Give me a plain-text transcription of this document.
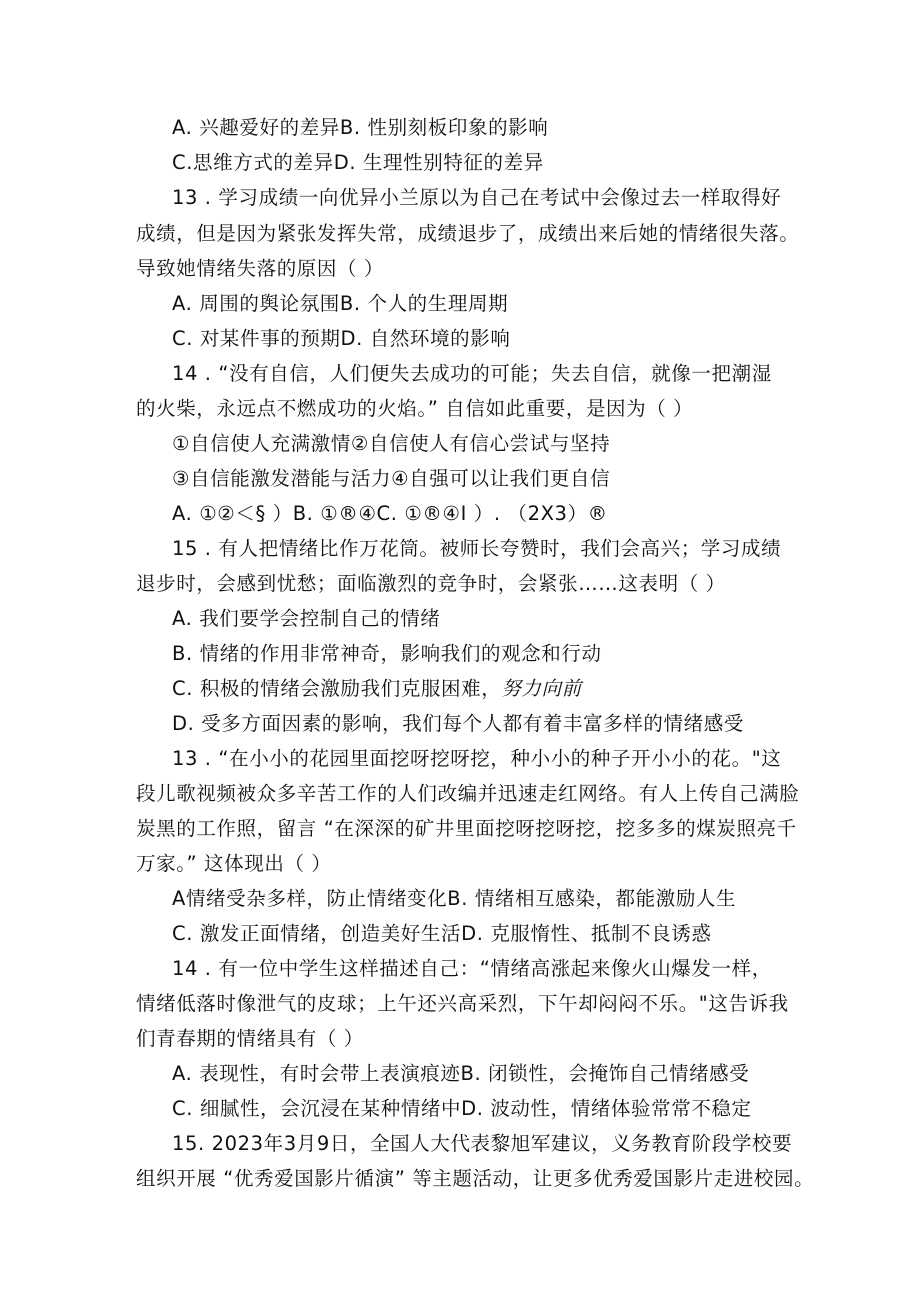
A. 兴趣爱好的差异B. 性别刻板印象的影响
C.思维方式的差异D. 生理性别特征的差异
13 . 学习成绩一向优异小兰原以为自己在考试中会像过去一样取得好
成绩，但是因为紧张发挥失常，成绩退步了，成绩出来后她的情绪很失落。
导致她情绪失落的原因（ ）
A. 周围的舆论氛围B. 个人的生理周期
C. 对某件事的预期D. 自然环境的影响
14 . “没有自信，人们便失去成功的可能；失去自信，就像一把潮湿
的火柴，永远点不燃成功的火焰。” 自信如此重要，是因为（ ）
①自信使人充满激情②自信使人有信心尝试与坚持
③自信能激发潜能与活力④自强可以让我们更自信
A. ①②＜§ ）B. ①®④C. ①®④I ）. （2X3）®
15 . 有人把情绪比作万花筒。被师长夸赞时，我们会高兴；学习成绩
退步时，会感到忧愁；面临激烈的竞争时，会紧张……这表明（ ）
A. 我们要学会控制自己的情绪
B. 情绪的作用非常神奇，影响我们的观念和行动
C. 积极的情绪会激励我们克服困难，努力向前
D. 受多方面因素的影响，我们每个人都有着丰富多样的情绪感受
13 . “在小小的花园里面挖呀挖呀挖，种小小的种子开小小的花。"这
段儿歌视频被众多辛苦工作的人们改编并迅速走红网络。有人上传自己满脸
炭黑的工作照，留言 “在深深的矿井里面挖呀挖呀挖，挖多多的煤炭照亮千
万家。” 这体现出（ ）
A情绪受杂多样，防止情绪变化B. 情绪相互感染，都能激励人生
C. 激发正面情绪，创造美好生活D. 克服惰性、抵制不良诱惑
14 . 有一位中学生这样描述自己：“情绪高涨起来像火山爆发一样，
情绪低落时像泄气的皮球；上午还兴高采烈，下午却闷闷不乐。"这告诉我
们青春期的情绪具有（ ）
A. 表现性，有时会带上表演痕迹B. 闭锁性，会掩饰自己情绪感受
C. 细腻性，会沉浸在某种情绪中D. 波动性，情绪体验常常不稳定
15. 2023年3月9日，全国人大代表黎旭军建议，义务教育阶段学校要
组织开展 “优秀爱国影片循演” 等主题活动，让更多优秀爱国影片走进校园。
